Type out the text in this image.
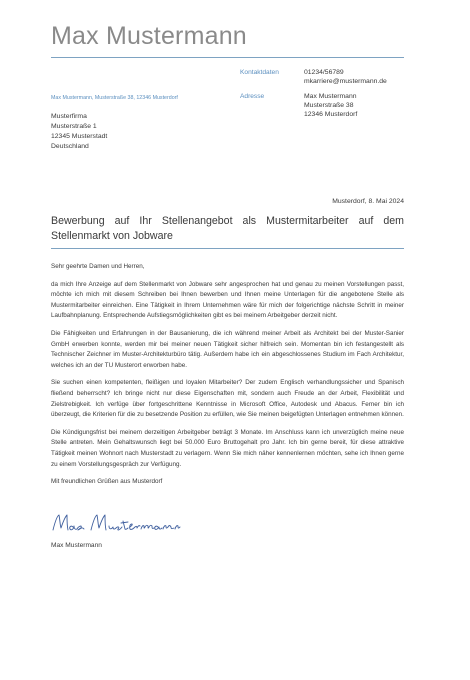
Max Mustermann
Kontaktdaten	01234/56789
mkarriere@mustermann.de
Adresse	Max Mustermann
Musterstraße 38
12346 Musterdorf
Max Mustermann, Musterstraße 38, 12346 Musterdorf
Musterfirma
Musterstraße 1
12345 Musterstadt
Deutschland
Musterdorf, 8. Mai 2024
Bewerbung auf Ihr Stellenangebot als Mustermitarbeiter auf dem Stellenmarkt von Jobware

Sehr geehrte Damen und Herren,

da mich Ihre Anzeige auf dem Stellenmarkt von Jobware sehr angesprochen hat und genau zu meinen Vorstellungen passt, möchte ich mich mit diesem Schreiben bei Ihnen bewerben und Ihnen meine Unterlagen für die angebotene Stelle als Mustermitarbeiter einreichen. Eine Tätigkeit in Ihrem Unternehmen wäre für mich der folgerichtige nächste Schritt in meiner Laufbahnplanung. Entsprechende Aufstiegsmöglichkeiten gibt es bei meinem Arbeitgeber derzeit nicht.

Die Fähigkeiten und Erfahrungen in der Bausanierung, die ich während meiner Arbeit als Architekt bei der Muster-Sanier GmbH erwerben konnte, werden mir bei meiner neuen Tätigkeit sicher hilfreich sein. Momentan bin ich festangestellt als Technischer Zeichner im Muster-Architekturbüro tätig. Außerdem habe ich ein abgeschlossenes Studium im Fach Architektur, welches ich an der TU Musterort erworben habe.

Sie suchen einen kompetenten, fleißigen und loyalen Mitarbeiter? Der zudem Englisch verhandlungssicher und Spanisch fließend beherrscht? Ich bringe nicht nur diese Eigenschaften mit, sondern auch Freude an der Arbeit, Flexibilität und Zielstrebigkeit. Ich verfüge über fortgeschrittene Kenntnisse in Microsoft Office, Autodesk und Abacus. Ferner bin ich überzeugt, die Kriterien für die zu besetzende Position zu erfüllen, wie Sie meinen beigefügten Unterlagen entnehmen können.

Die Kündigungsfrist bei meinem derzeitigen Arbeitgeber beträgt 3 Monate. Im Anschluss kann ich unverzüglich meine neue Stelle antreten. Mein Gehaltswunsch liegt bei 50.000 Euro Bruttogehalt pro Jahr. Ich bin gerne bereit, für diese attraktive Tätigkeit meinen Wohnort nach Musterstadt zu verlagern. Wenn Sie mich näher kennenlernen möchten, sehe ich Ihnen gerne zu einem Vorstellungsgespräch zur Verfügung.

Mit freundlichen Grüßen aus Musterdorf

Max Mustermann
